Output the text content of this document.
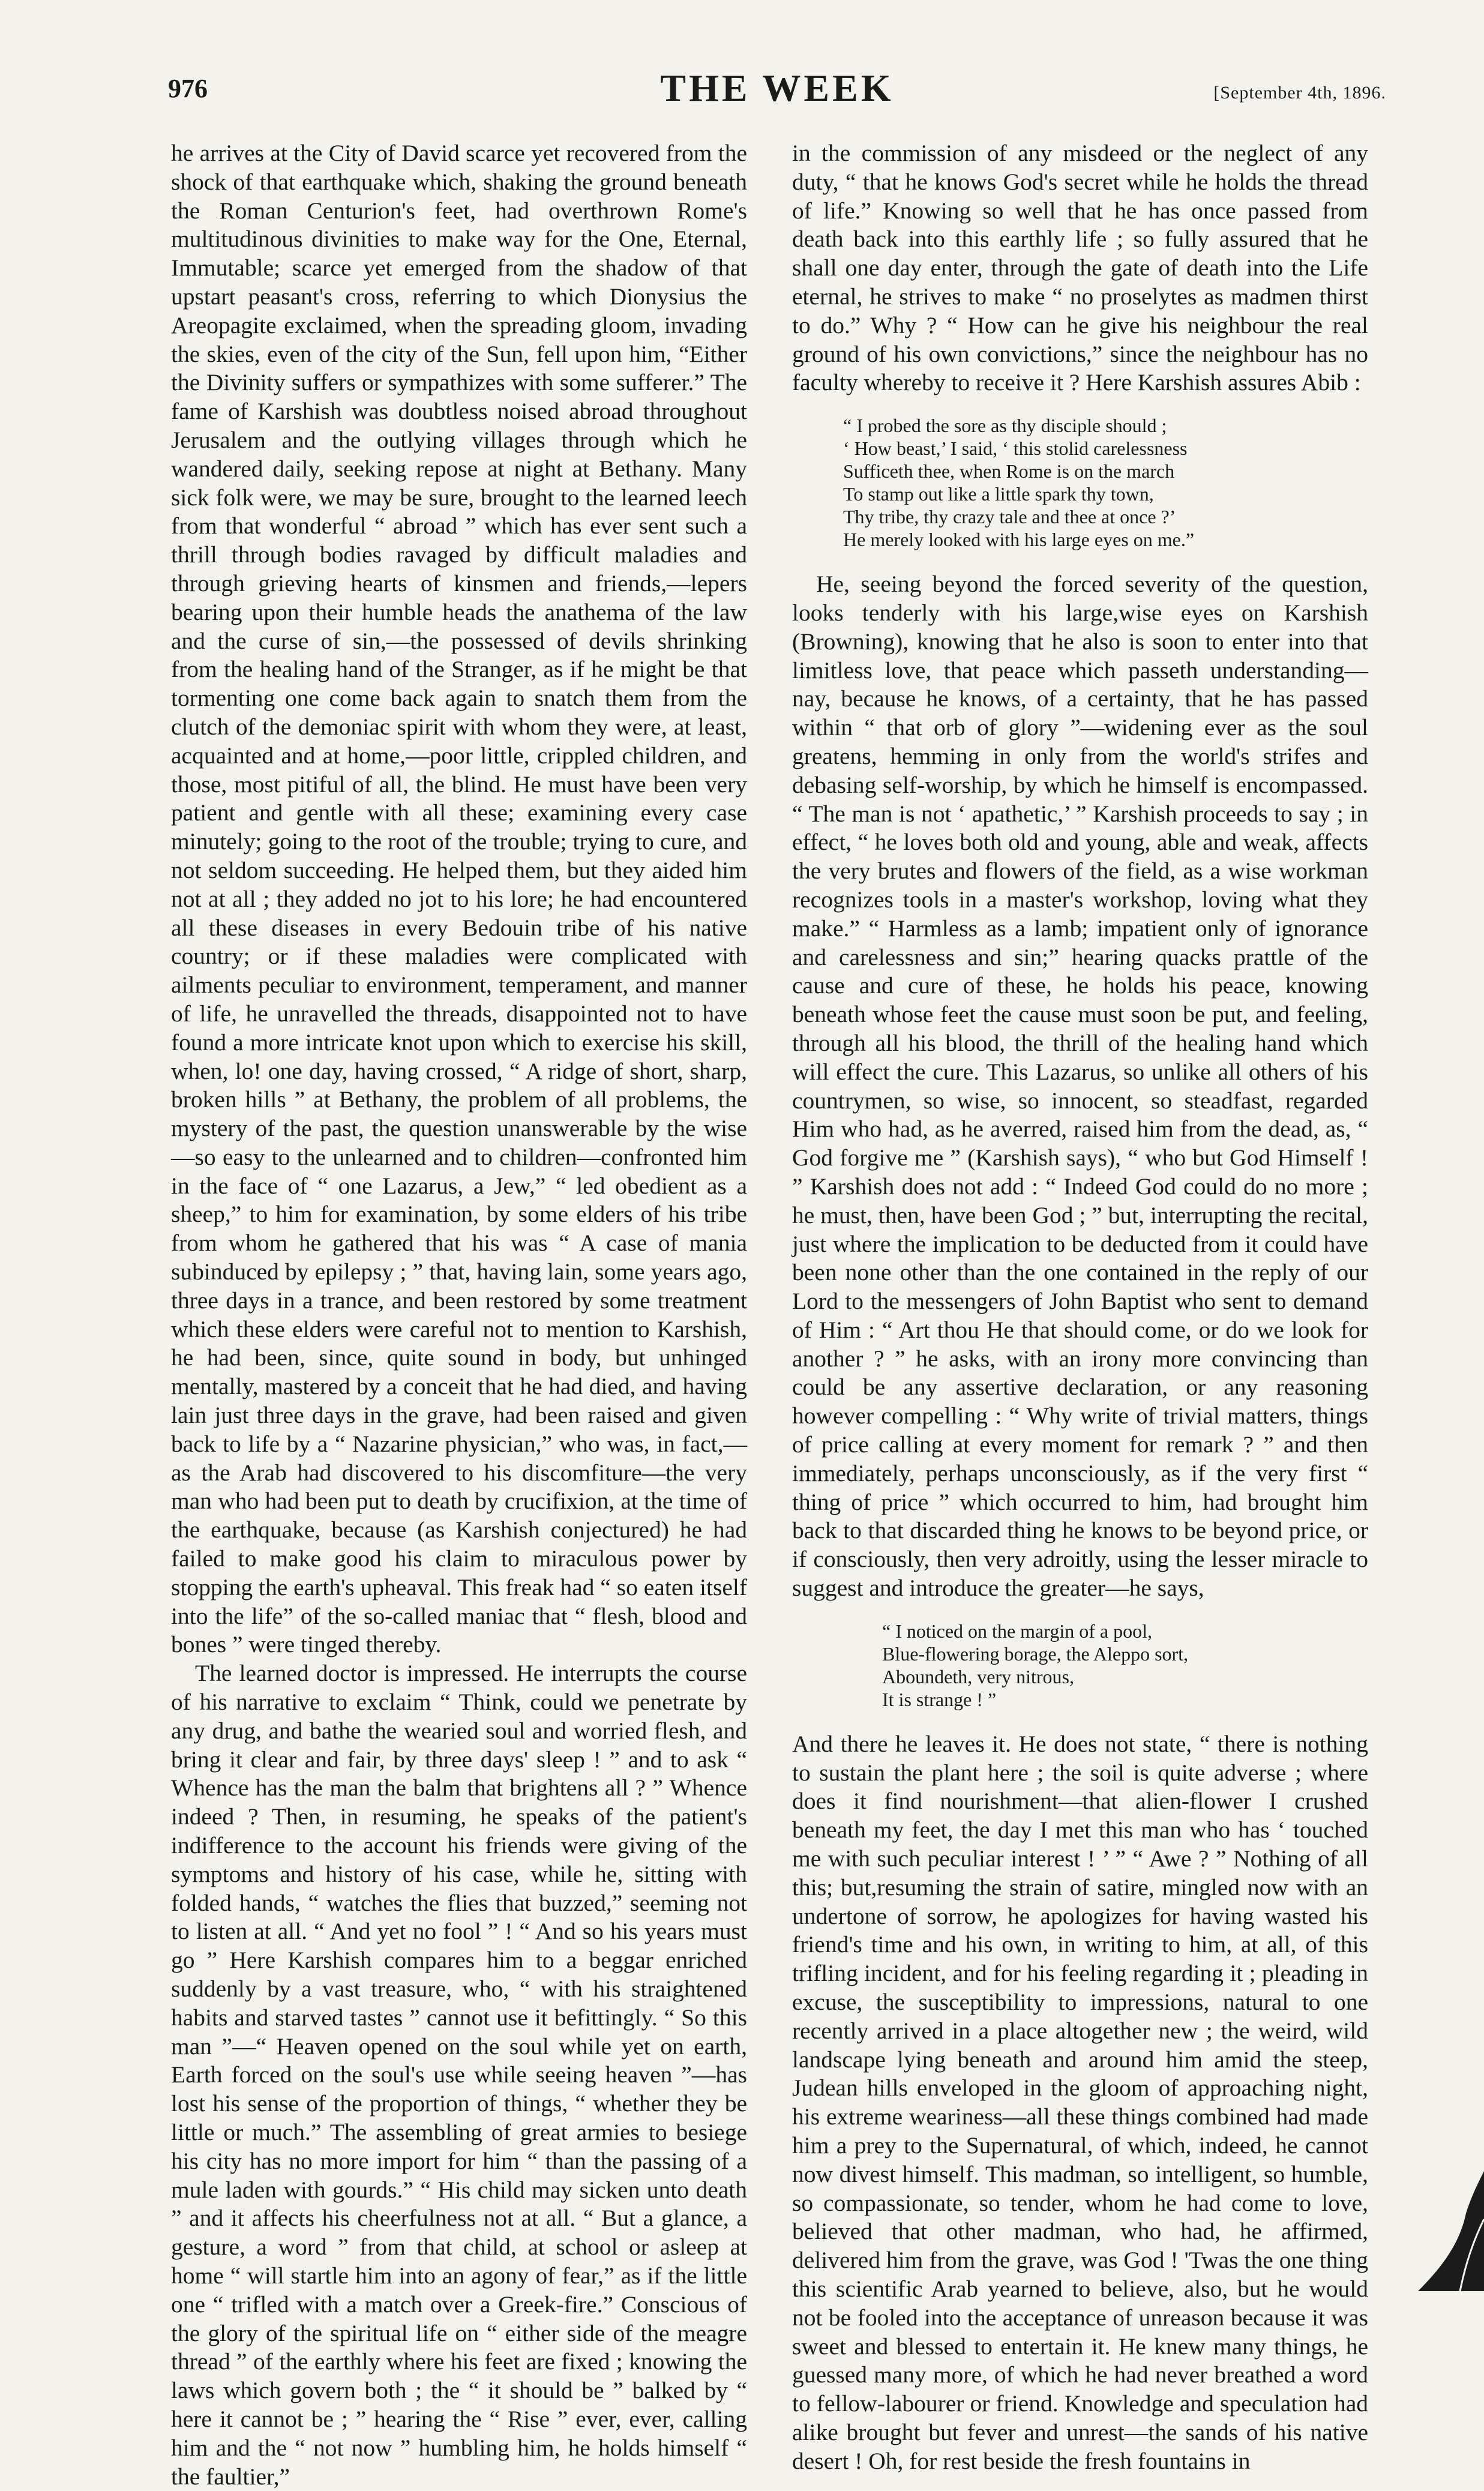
976	THE WEEK	[September 4th, 1896.

he arrives at the City of David scarce yet recovered from the shock of that earthquake which, shaking the ground beneath the Roman Centurion's feet, had overthrown Rome's multitudinous divinities to make way for the One, Eternal, Immutable; scarce yet emerged from the shadow of that upstart peasant's cross, referring to which Dionysius the Areopagite exclaimed, when the spreading gloom, invading the skies, even of the city of the Sun, fell upon him, “Either the Divinity suffers or sympathizes with some sufferer.” The fame of Karshish was doubtless noised abroad throughout Jerusalem and the outlying villages through which he wandered daily, seeking repose at night at Bethany. Many sick folk were, we may be sure, brought to the learned leech from that wonderful “ abroad ” which has ever sent such a thrill through bodies ravaged by difficult maladies and through grieving hearts of kinsmen and friends,—lepers bearing upon their humble heads the anathema of the law and the curse of sin,—the possessed of devils shrinking from the healing hand of the Stranger, as if he might be that tormenting one come back again to snatch them from the clutch of the demoniac spirit with whom they were, at least, acquainted and at home,—poor little, crippled children, and those, most pitiful of all, the blind. He must have been very patient and gentle with all these; examining every case minutely; going to the root of the trouble; trying to cure, and not seldom succeeding. He helped them, but they aided him not at all ; they added no jot to his lore; he had encountered all these diseases in every Bedouin tribe of his native country; or if these maladies were complicated with ailments peculiar to environment, temperament, and manner of life, he unravelled the threads, disappointed not to have found a more intricate knot upon which to exercise his skill, when, lo! one day, having crossed, “ A ridge of short, sharp, broken hills ” at Bethany, the problem of all problems, the mystery of the past, the question unanswerable by the wise—so easy to the unlearned and to children—confronted him in the face of “ one Lazarus, a Jew,” “ led obedient as a sheep,” to him for examination, by some elders of his tribe from whom he gathered that his was “ A case of mania subinduced by epilepsy ; ” that, having lain, some years ago, three days in a trance, and been restored by some treatment which these elders were careful not to mention to Karshish, he had been, since, quite sound in body, but unhinged mentally, mastered by a conceit that he had died, and having lain just three days in the grave, had been raised and given back to life by a “ Nazarine physician,” who was, in fact,—as the Arab had discovered to his discomfiture—the very man who had been put to death by crucifixion, at the time of the earthquake, because (as Karshish conjectured) he had failed to make good his claim to miraculous power by stopping the earth's upheaval. This freak had “ so eaten itself into the life” of the so-called maniac that “ flesh, blood and bones ” were tinged thereby.

The learned doctor is impressed. He interrupts the course of his narrative to exclaim “ Think, could we penetrate by any drug, and bathe the wearied soul and worried flesh, and bring it clear and fair, by three days' sleep ! ” and to ask “ Whence has the man the balm that brightens all ? ” Whence indeed ? Then, in resuming, he speaks of the patient's indifference to the account his friends were giving of the symptoms and history of his case, while he, sitting with folded hands, “ watches the flies that buzzed,” seeming not to listen at all. “ And yet no fool ” ! “ And so his years must go ” Here Karshish compares him to a beggar enriched suddenly by a vast treasure, who, “ with his straightened habits and starved tastes ” cannot use it befittingly. “ So this man ”—“ Heaven opened on the soul while yet on earth, Earth forced on the soul's use while seeing heaven ”—has lost his sense of the proportion of things, “ whether they be little or much.” The assembling of great armies to besiege his city has no more import for him “ than the passing of a mule laden with gourds.” “ His child may sicken unto death ” and it affects his cheerfulness not at all. “ But a glance, a gesture, a word ” from that child, at school or asleep at home “ will startle him into an agony of fear,” as if the little one “ trifled with a match over a Greek-fire.” Conscious of the glory of the spiritual life on “ either side of the meagre thread ” of the earthly where his feet are fixed ; knowing the laws which govern both ; the “ it should be ” balked by “ here it cannot be ; ” hearing the “ Rise ” ever, ever, calling him and the “ not now ” humbling him, he holds himself “ the faultier,”

in the commission of any misdeed or the neglect of any duty, “ that he knows God's secret while he holds the thread of life.” Knowing so well that he has once passed from death back into this earthly life ; so fully assured that he shall one day enter, through the gate of death into the Life eternal, he strives to make “ no proselytes as madmen thirst to do.” Why ? “ How can he give his neighbour the real ground of his own convictions,” since the neighbour has no faculty whereby to receive it ? Here Karshish assures Abib :

“ I probed the sore as thy disciple should ;
‘ How beast,’ I said, ‘ this stolid carelessness
Sufficeth thee, when Rome is on the march
To stamp out like a little spark thy town,
Thy tribe, thy crazy tale and thee at once ?’
He merely looked with his large eyes on me.”

He, seeing beyond the forced severity of the question, looks tenderly with his large,wise eyes on Karshish (Browning), knowing that he also is soon to enter into that limitless love, that peace which passeth understanding—nay, because he knows, of a certainty, that he has passed within “ that orb of glory ”—widening ever as the soul greatens, hemming in only from the world's strifes and debasing self-worship, by which he himself is encompassed. “ The man is not ‘ apathetic,’ ” Karshish proceeds to say ; in effect, “ he loves both old and young, able and weak, affects the very brutes and flowers of the field, as a wise workman recognizes tools in a master's workshop, loving what they make.” “ Harmless as a lamb; impatient only of ignorance and carelessness and sin;” hearing quacks prattle of the cause and cure of these, he holds his peace, knowing beneath whose feet the cause must soon be put, and feeling, through all his blood, the thrill of the healing hand which will effect the cure. This Lazarus, so unlike all others of his countrymen, so wise, so innocent, so steadfast, regarded Him who had, as he averred, raised him from the dead, as, “ God forgive me ” (Karshish says), “ who but God Himself ! ” Karshish does not add : “ Indeed God could do no more ; he must, then, have been God ; ” but, interrupting the recital, just where the implication to be deducted from it could have been none other than the one contained in the reply of our Lord to the messengers of John Baptist who sent to demand of Him : “ Art thou He that should come, or do we look for another ? ” he asks, with an irony more convincing than could be any assertive declaration, or any reasoning however compelling : “ Why write of trivial matters, things of price calling at every moment for remark ? ” and then immediately, perhaps unconsciously, as if the very first “ thing of price ” which occurred to him, had brought him back to that discarded thing he knows to be beyond price, or if consciously, then very adroitly, using the lesser miracle to suggest and introduce the greater—he says,

“ I noticed on the margin of a pool,
Blue-flowering borage, the Aleppo sort,
Aboundeth, very nitrous,
It is strange ! ”

And there he leaves it. He does not state, “ there is nothing to sustain the plant here ; the soil is quite adverse ; where does it find nourishment—that alien-flower I crushed beneath my feet, the day I met this man who has ‘ touched me with such peculiar interest ! ’ ” “ Awe ? ” Nothing of all this; but,resuming the strain of satire, mingled now with an undertone of sorrow, he apologizes for having wasted his friend's time and his own, in writing to him, at all, of this trifling incident, and for his feeling regarding it ; pleading in excuse, the susceptibility to impressions, natural to one recently arrived in a place altogether new ; the weird, wild landscape lying beneath and around him amid the steep, Judean hills enveloped in the gloom of approaching night, his extreme weariness—all these things combined had made him a prey to the Supernatural, of which, indeed, he cannot now divest himself. This madman, so intelligent, so humble, so compassionate, so tender, whom he had come to love, believed that other madman, who had, he affirmed, delivered him from the grave, was God ! 'Twas the one thing this scientific Arab yearned to believe, also, but he would not be fooled into the acceptance of unreason because it was sweet and blessed to entertain it. He knew many things, he guessed many more, of which he had never breathed a word to fellow-labourer or friend. Knowledge and speculation had alike brought but fever and unrest—the sands of his native desert ! Oh, for rest beside the fresh fountains in
